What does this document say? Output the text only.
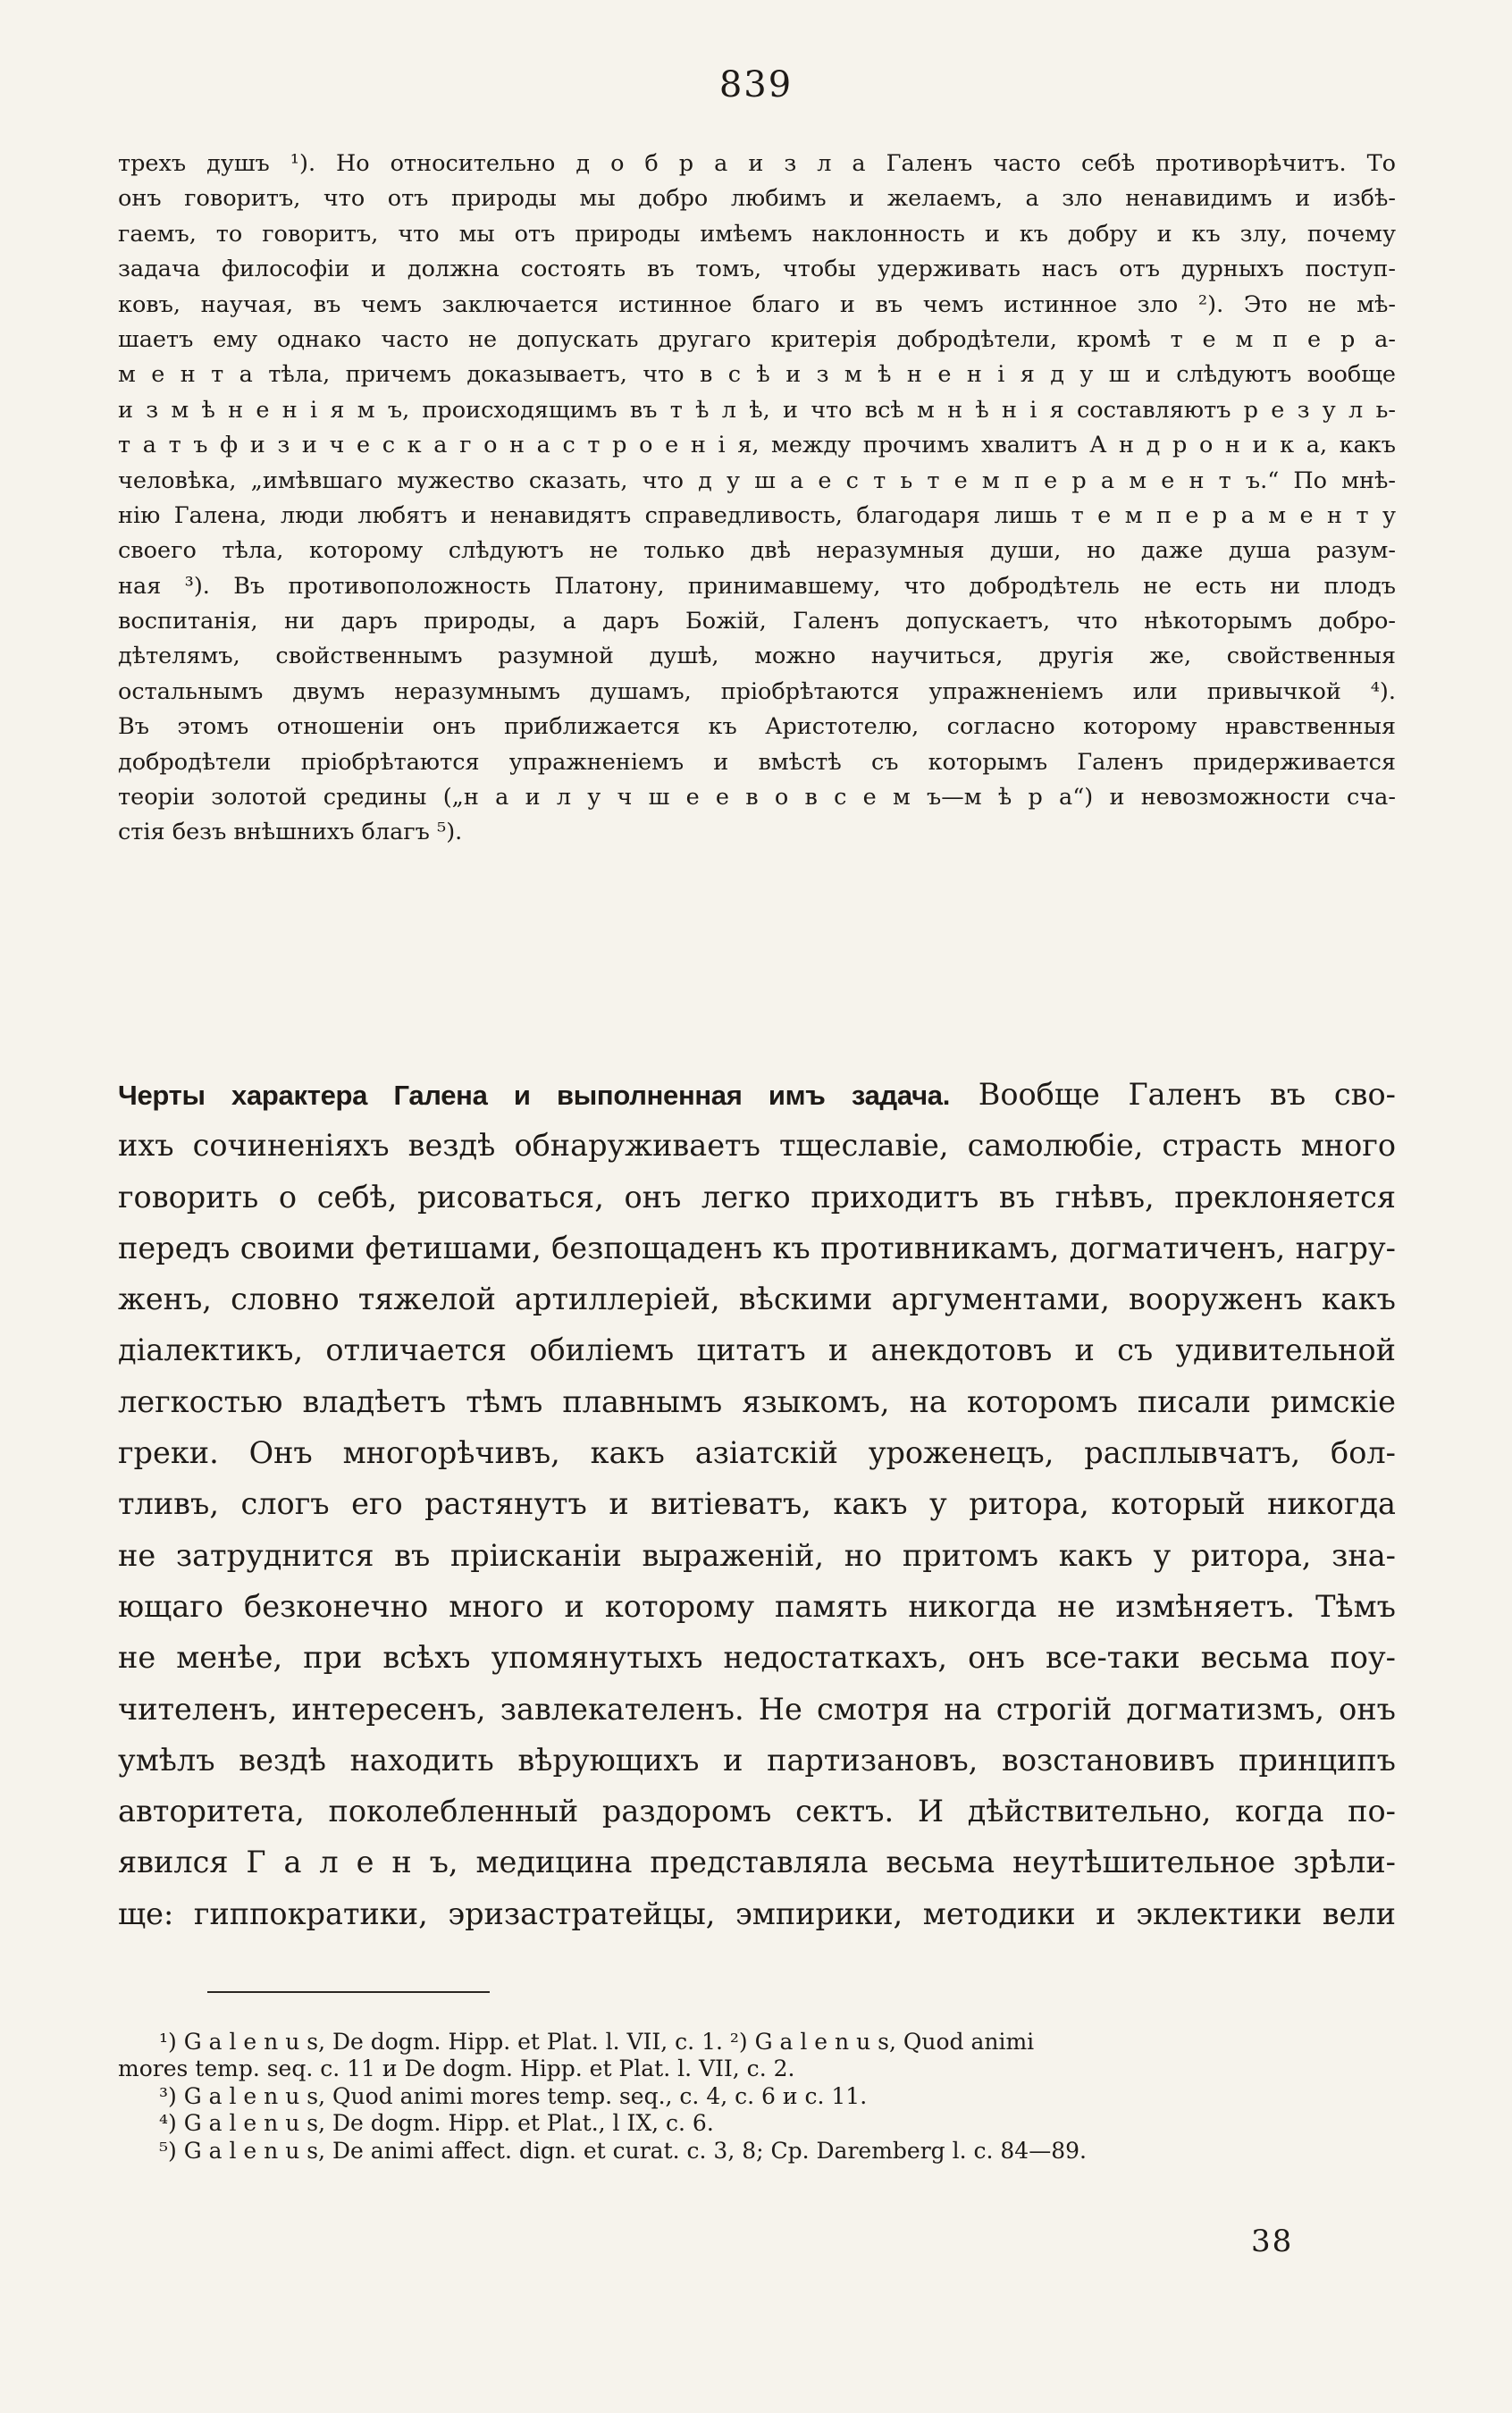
839
трехъ душъ ¹). Но относительно д о б р а и з л а Галенъ часто себѣ противорѣчитъ. То
онъ говоритъ, что отъ природы мы добро любимъ и желаемъ, а зло ненавидимъ и избѣ-
гаемъ, то говоритъ, что мы отъ природы имѣемъ наклонность и къ добру и къ злу, почему
задача философіи и должна состоять въ томъ, чтобы удерживать насъ отъ дурныхъ поступ-
ковъ, научая, въ чемъ заключается истинное благо и въ чемъ истинное зло ²). Это не мѣ-
шаетъ ему однако часто не допускать другаго критерія добродѣтели, кромѣ т е м п е р а-
м е н т а тѣла, причемъ доказываетъ, что в с ѣ и з м ѣ н е н і я д у ш и слѣдуютъ вообще
и з м ѣ н е н і я м ъ, происходящимъ въ т ѣ л ѣ, и что всѣ м н ѣ н і я составляютъ р е з у л ь-
т а т ъ ф и з и ч е с к а г о н а с т р о е н і я, между прочимъ хвалитъ А н д р о н и к а, какъ
человѣка, „имѣвшаго мужество сказать, что д у ш а е с т ь т е м п е р а м е н т ъ.“ По мнѣ-
нію Галена, люди любятъ и ненавидятъ справедливость, благодаря лишь т е м п е р а м е н т у
своего тѣла, которому слѣдуютъ не только двѣ неразумныя души, но даже душа разум-
ная ³). Въ противоположность Платону, принимавшему, что добродѣтель не есть ни плодъ
воспитанія, ни даръ природы, а даръ Божій, Галенъ допускаетъ, что нѣкоторымъ добро-
дѣтелямъ, свойственнымъ разумной душѣ, можно научиться, другія же, свойственныя
остальнымъ двумъ неразумнымъ душамъ, пріобрѣтаются упражненіемъ или привычкой ⁴).
Въ этомъ отношеніи онъ приближается къ Аристотелю, согласно которому нравственныя
добродѣтели пріобрѣтаются упражненіемъ и вмѣстѣ съ которымъ Галенъ придерживается
теоріи золотой средины („н а и л у ч ш е е в о в с е м ъ—м ѣ р а“) и невозможности сча-
стія безъ внѣшнихъ благъ ⁵).
Черты характера Галена и выполненная имъ задача. Вообще Галенъ въ сво-
ихъ сочиненіяхъ вездѣ обнаруживаетъ тщеславіе, самолюбіе, страсть много
говорить о себѣ, рисоваться, онъ легко приходитъ въ гнѣвъ, преклоняется
передъ своими фетишами, безпощаденъ къ противникамъ, догматиченъ, нагру-
женъ, словно тяжелой артиллеріей, вѣскими аргументами, вооруженъ какъ
діалектикъ, отличается обиліемъ цитатъ и анекдотовъ и съ удивительной
легкостью владѣетъ тѣмъ плавнымъ языкомъ, на которомъ писали римскіе
греки. Онъ многорѣчивъ, какъ азіатскій уроженецъ, расплывчатъ, бол-
тливъ, слогъ его растянутъ и витіеватъ, какъ у ритора, который никогда
не затруднится въ пріисканіи выраженій, но притомъ какъ у ритора, зна-
ющаго безконечно много и которому память никогда не измѣняетъ. Тѣмъ
не менѣе, при всѣхъ упомянутыхъ недостаткахъ, онъ все-таки весьма поу-
чителенъ, интересенъ, завлекателенъ. Не смотря на строгій догматизмъ, онъ
умѣлъ вездѣ находить вѣрующихъ и партизановъ, возстановивъ принципъ
авторитета, поколебленный раздоромъ сектъ. И дѣйствительно, когда по-
явился Г а л е н ъ, медицина представляла весьма неутѣшительное зрѣли-
ще: гиппократики, эризастратейцы, эмпирики, методики и эклектики вели
¹) G a l e n u s, De dogm. Hipp. et Plat. l. VII, c. 1. ²) G a l e n u s, Quod animi
mores temp. seq. c. 11 и De dogm. Hipp. et Plat. l. VII, c. 2.
³) G a l e n u s, Quod animi mores temp. seq., c. 4, c. 6 и c. 11.
⁴) G a l e n u s, De dogm. Hipp. et Plat., l IX, c. 6.
⁵) G a l e n u s, De animi affect. dign. et curat. c. 3, 8; Ср. Daremberg l. c. 84—89.
38
